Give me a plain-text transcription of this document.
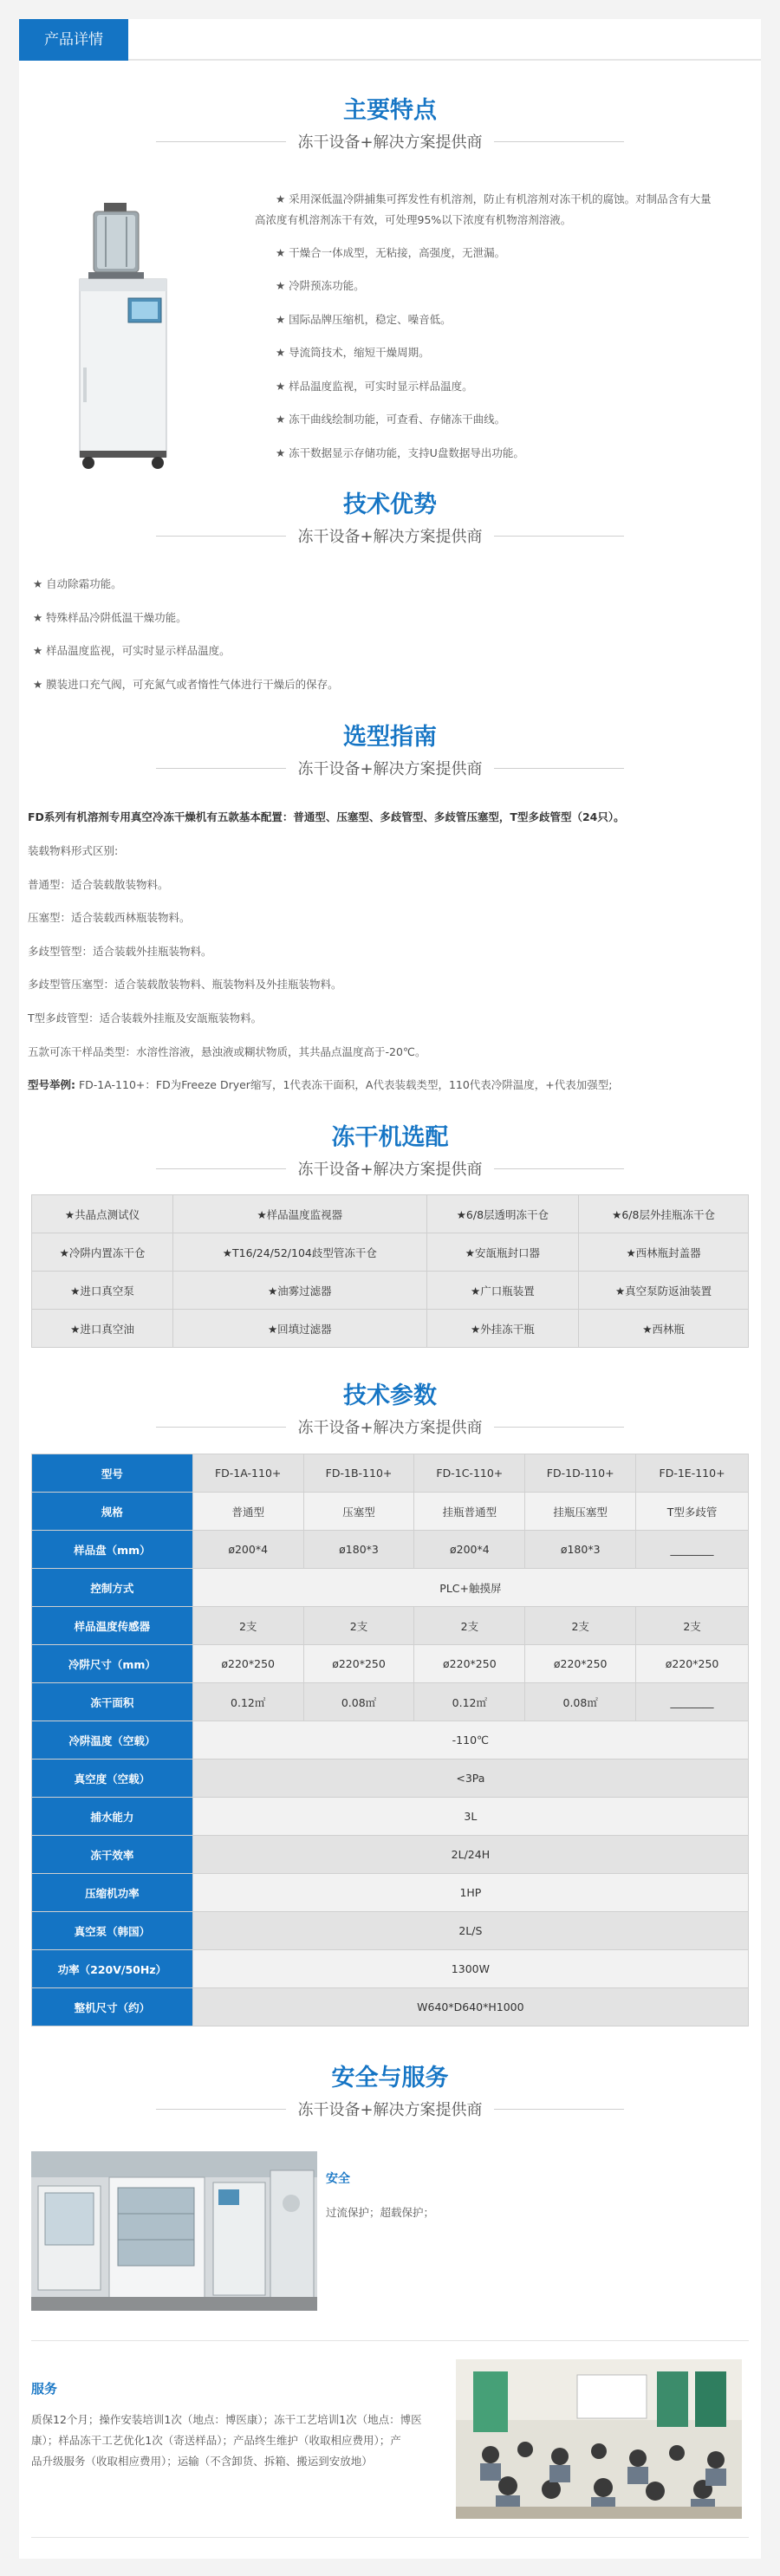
产品详情
主要特点
冻干设备+解决方案提供商
★ 采用深低温冷阱捕集可挥发性有机溶剂，防止有机溶剂对冻干机的腐蚀。对制品含有大量
高浓度有机溶剂冻干有效，可处理95%以下浓度有机物溶剂溶液。
★ 干燥合一体成型，无粘接，高强度，无泄漏。
★ 冷阱预冻功能。
★ 国际品牌压缩机，稳定、噪音低。
★ 导流筒技术，缩短干燥周期。
★ 样品温度监视，可实时显示样品温度。
★ 冻干曲线绘制功能，可查看、存储冻干曲线。
★ 冻干数据显示存储功能，支持U盘数据导出功能。
技术优势
冻干设备+解决方案提供商
★ 自动除霜功能。
★ 特殊样品冷阱低温干燥功能。
★ 样品温度监视，可实时显示样品温度。
★ 膜装进口充气阀，可充氮气或者惰性气体进行干燥后的保存。
选型指南
冻干设备+解决方案提供商
FD系列有机溶剂专用真空冷冻干燥机有五款基本配置：普通型、压塞型、多歧管型、多歧管压塞型，T型多歧管型（24只）。
装载物料形式区别:
普通型：适合装载散装物料。
压塞型：适合装载西林瓶装物料。
多歧型管型：适合装载外挂瓶装物料。
多歧型管压塞型：适合装载散装物料、瓶装物料及外挂瓶装物料。
T型多歧管型：适合装载外挂瓶及安瓿瓶装物料。
五款可冻干样品类型：水溶性溶液，悬浊液或糊状物质，其共晶点温度高于-20℃。
型号举例: FD-1A-110+：FD为Freeze Dryer缩写，1代表冻干面积，A代表装载类型，110代表冷阱温度，+代表加强型;
冻干机选配
冻干设备+解决方案提供商
★共晶点测试仪	★样品温度监视器	★6/8层透明冻干仓	★6/8层外挂瓶冻干仓
★冷阱内置冻干仓	★T16/24/52/104歧型管冻干仓	★安瓿瓶封口器	★西林瓶封盖器
★进口真空泵	★油雾过滤器	★广口瓶装置	★真空泵防返油装置
★进口真空油	★回填过滤器	★外挂冻干瓶	★西林瓶
技术参数
冻干设备+解决方案提供商
型号	FD-1A-110+	FD-1B-110+	FD-1C-110+	FD-1D-110+	FD-1E-110+
规格	普通型	压塞型	挂瓶普通型	挂瓶压塞型	T型多歧管
样品盘（mm）	ø200*4	ø180*3	ø200*4	ø180*3	________
控制方式	PLC+触摸屏				
样品温度传感器	2支	2支	2支	2支	2支
冷阱尺寸（mm）	ø220*250	ø220*250	ø220*250	ø220*250	ø220*250
冻干面积	0.12㎡	0.08㎡	0.12㎡	0.08㎡	________
冷阱温度（空载）	-110℃				
真空度（空载）	<3Pa				
捕水能力	3L				
冻干效率	2L/24H				
压缩机功率	1HP				
真空泵（韩国）	2L/S				
功率（220V/50Hz）	1300W				
整机尺寸（约）	W640*D640*H1000				
安全与服务
冻干设备+解决方案提供商
安全
过流保护；超载保护；
服务
质保12个月；操作安装培训1次（地点：博医康）；冻干工艺培训1次（地点：博医
康）；样品冻干工艺优化1次（寄送样品）；产品终生维护（收取相应费用）；产
品升级服务（收取相应费用）；运输（不含卸货、拆箱、搬运到安放地）
